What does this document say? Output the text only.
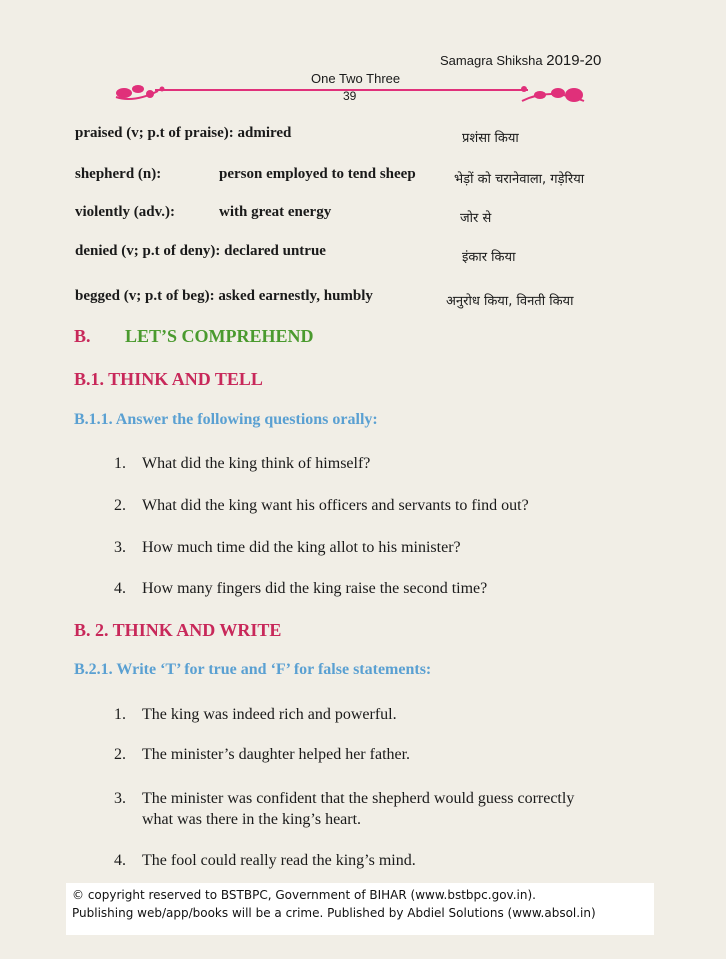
Samagra Shiksha 2019-20
One Two Three
39
praised (v; p.t of praise): admired	प्रशंसा किया
shepherd (n):	person employed to tend sheep	भेड़ों को चरानेवाला, गड़ेरिया
violently (adv.):	with great energy	जोर से
denied (v; p.t of deny): declared untrue	इंकार किया
begged (v; p.t of beg): asked earnestly, humbly	अनुरोध किया, विनती किया
B. LET’S COMPREHEND
B.1. THINK AND TELL
B.1.1. Answer the following questions orally:
1. What did the king think of himself?
2. What did the king want his officers and servants to find out?
3. How much time did the king allot to his minister?
4. How many fingers did the king raise the second time?
B. 2. THINK AND WRITE
B.2.1. Write ‘T’ for true and ‘F’ for false statements:
1. The king was indeed rich and powerful.
2. The minister’s daughter helped her father.
3. The minister was confident that the shepherd would guess correctly
what was there in the king’s heart.
4. The fool could really read the king’s mind.
© copyright reserved to BSTBPC, Government of BIHAR (www.bstbpc.gov.in).
Publishing web/app/books will be a crime. Published by Abdiel Solutions (www.absol.in)
